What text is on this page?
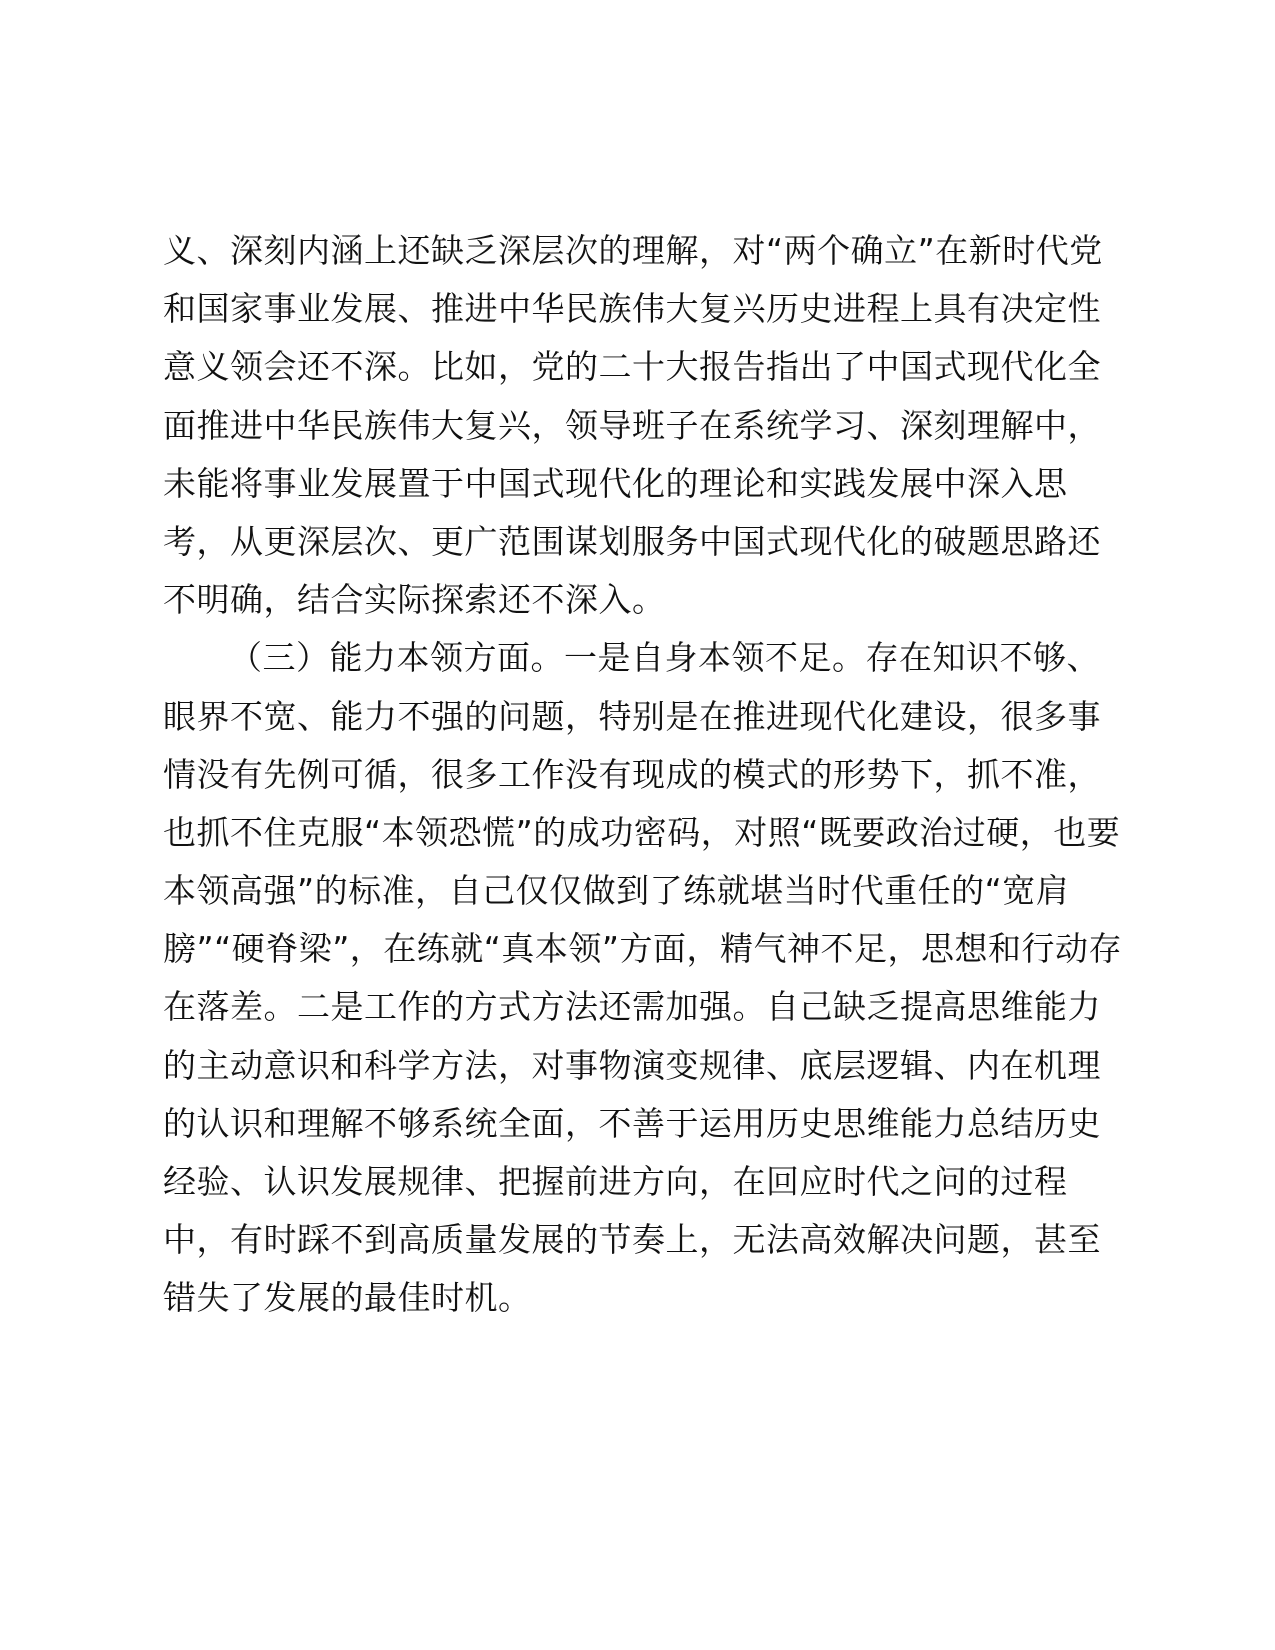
义、深刻内涵上还缺乏深层次的理解，对“两个确立”在新时代党
和国家事业发展、推进中华民族伟大复兴历史进程上具有决定性
意义领会还不深。比如，党的二十大报告指出了中国式现代化全
面推进中华民族伟大复兴，领导班子在系统学习、深刻理解中，
未能将事业发展置于中国式现代化的理论和实践发展中深入思
考，从更深层次、更广范围谋划服务中国式现代化的破题思路还
不明确，结合实际探索还不深入。
（三）能力本领方面。一是自身本领不足。存在知识不够、
眼界不宽、能力不强的问题，特别是在推进现代化建设，很多事
情没有先例可循，很多工作没有现成的模式的形势下，抓不准，
也抓不住克服“本领恐慌”的成功密码，对照“既要政治过硬，也要
本领高强”的标准，自己仅仅做到了练就堪当时代重任的“宽肩
膀”“硬脊梁”，在练就“真本领”方面，精气神不足，思想和行动存
在落差。二是工作的方式方法还需加强。自己缺乏提高思维能力
的主动意识和科学方法，对事物演变规律、底层逻辑、内在机理
的认识和理解不够系统全面，不善于运用历史思维能力总结历史
经验、认识发展规律、把握前进方向，在回应时代之问的过程
中，有时踩不到高质量发展的节奏上，无法高效解决问题，甚至
错失了发展的最佳时机。
